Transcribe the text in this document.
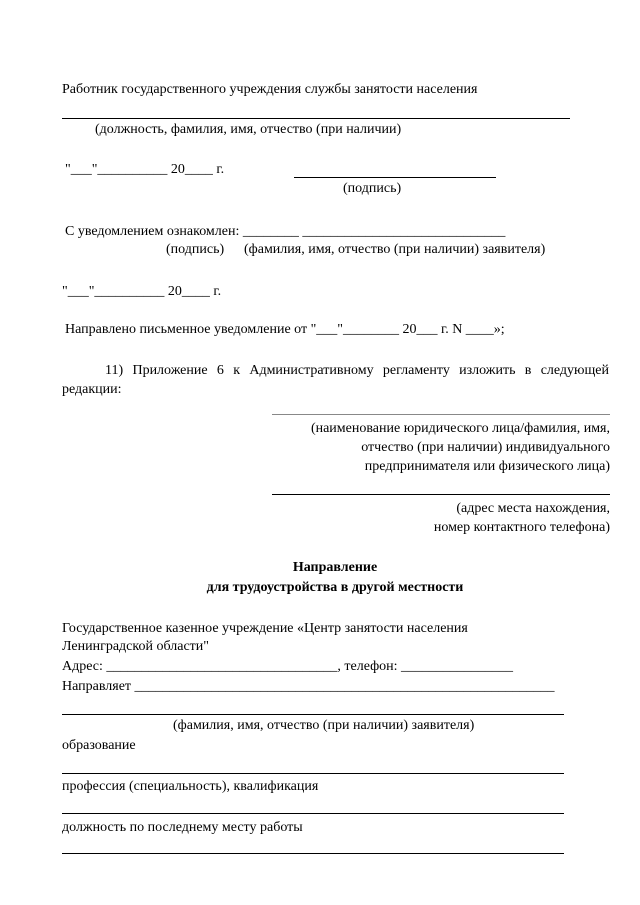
Работник государственного учреждения службы занятости населения
(должность, фамилия, имя, отчество (при наличии)
"___"__________ 20____ г.
(подпись)
С уведомлением ознакомлен: ________ _____________________________
(подпись) (фамилия, имя, отчество (при наличии) заявителя)
"___"__________ 20____ г.
Направлено письменное уведомление от "___"________ 20___ г. N ____»;
11) Приложение 6 к Административному регламенту изложить в следующей
редакции:
(наименование юридического лица/фамилия, имя,
отчество (при наличии) индивидуального
предпринимателя или физического лица)
(адрес места нахождения,
номер контактного телефона)
Направление
для трудоустройства в другой местности
Государственное казенное учреждение «Центр занятости населения
Ленинградской области"
Адрес: _________________________________, телефон: ________________
Направляет ____________________________________________________________
(фамилия, имя, отчество (при наличии) заявителя)
образование
профессия (специальность), квалификация
должность по последнему месту работы
